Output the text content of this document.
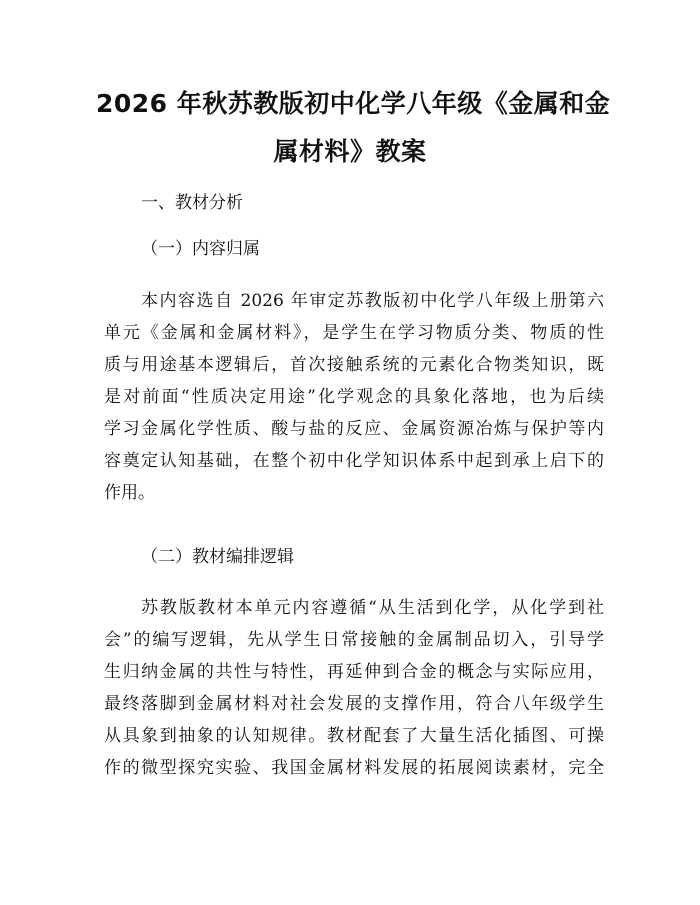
2026 年秋苏教版初中化学八年级《金属和金
属材料》教案
一、教材分析
（一）内容归属
本内容选自 2026 年审定苏教版初中化学八年级上册第六
单元《金属和金属材料》，是学生在学习物质分类、物质的性
质与用途基本逻辑后，首次接触系统的元素化合物类知识，既
是对前面“性质决定用途”化学观念的具象化落地，也为后续
学习金属化学性质、酸与盐的反应、金属资源冶炼与保护等内
容奠定认知基础，在整个初中化学知识体系中起到承上启下的
作用。
（二）教材编排逻辑
苏教版教材本单元内容遵循“从生活到化学，从化学到社
会”的编写逻辑，先从学生日常接触的金属制品切入，引导学
生归纳金属的共性与特性，再延伸到合金的概念与实际应用，
最终落脚到金属材料对社会发展的支撑作用，符合八年级学生
从具象到抽象的认知规律。教材配套了大量生活化插图、可操
作的微型探究实验、我国金属材料发展的拓展阅读素材，完全
